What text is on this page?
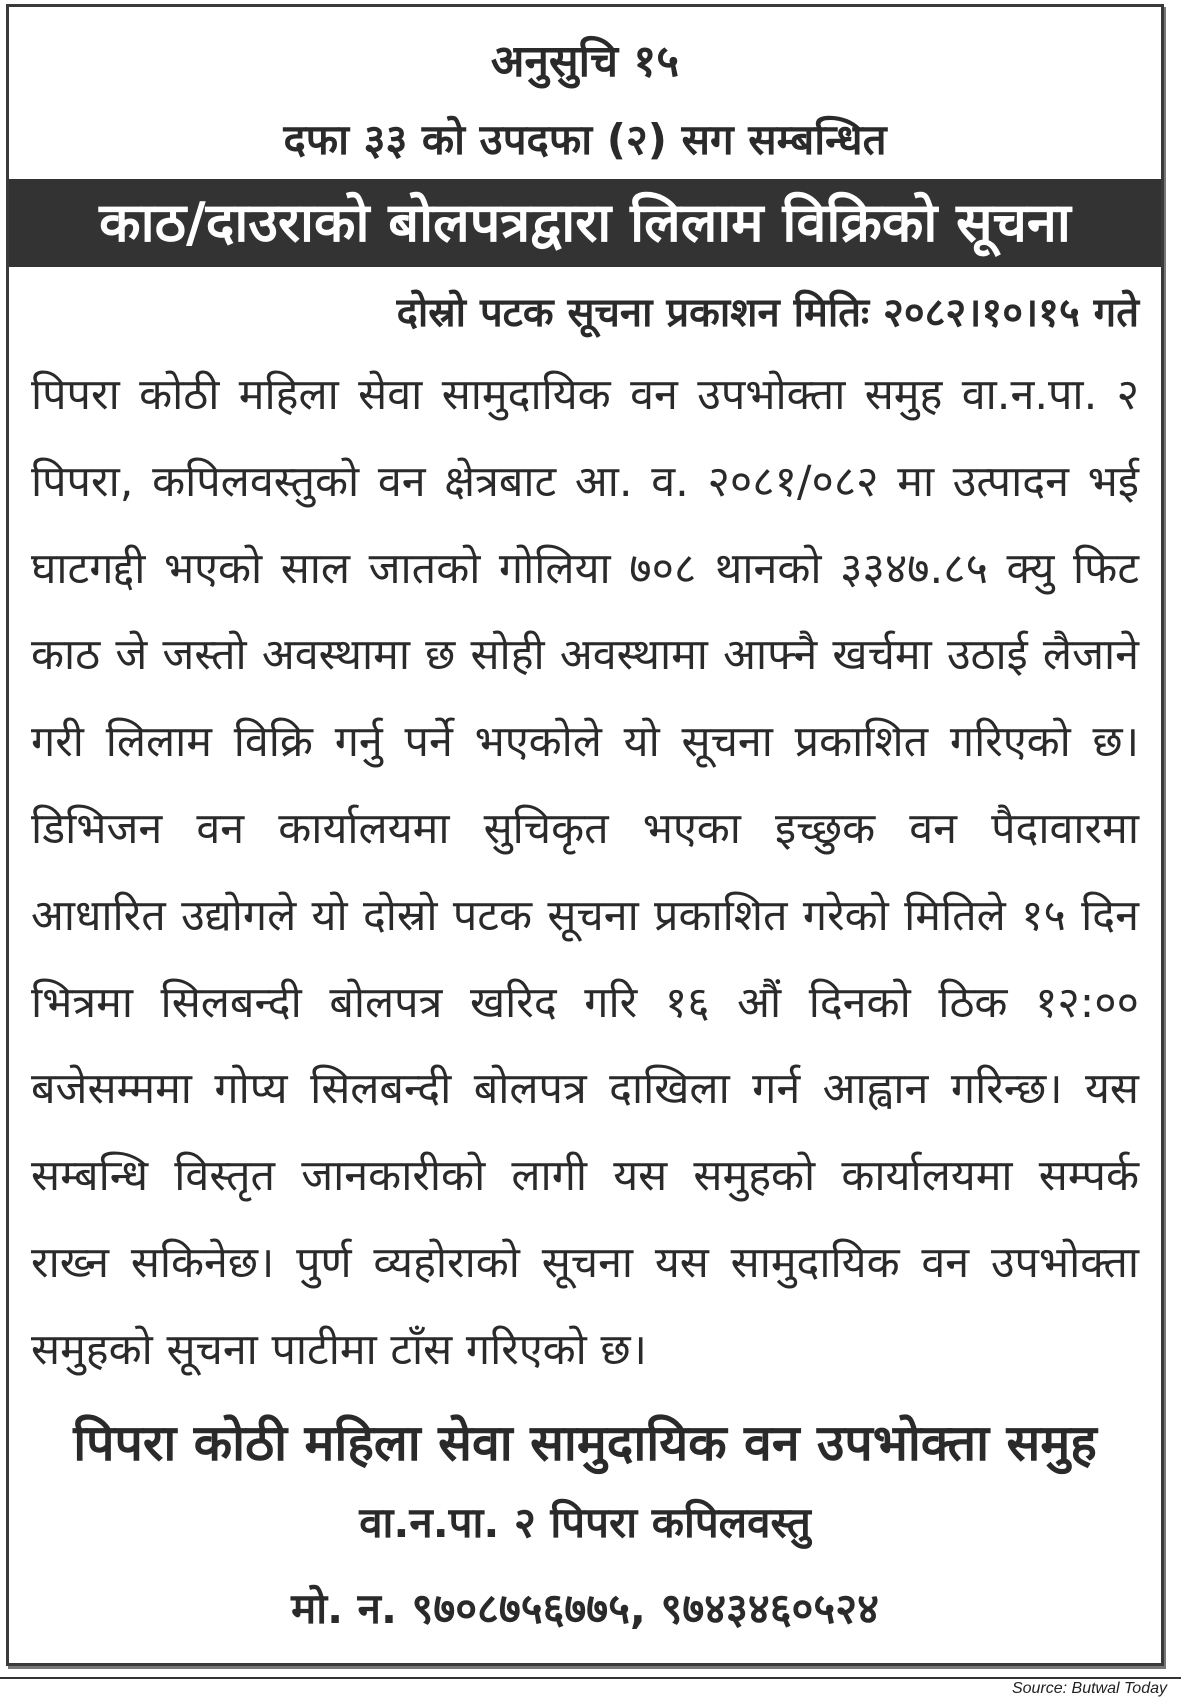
अनुसुचि १५
दफा ३३ को उपदफा (२) सग सम्बन्धित
काठ/दाउराको बोलपत्रद्वारा लिलाम विक्रिको सूचना
दोस्रो पटक सूचना प्रकाशन मितिः २०८२।१०।१५ गते
पिपरा कोठी महिला सेवा सामुदायिक वन उपभोक्ता समुह वा.न.पा. २
पिपरा, कपिलवस्तुको वन क्षेत्रबाट आ. व. २०८१/०८२ मा उत्पादन भई
घाटगद्दी भएको साल जातको गोलिया ७०८ थानको ३३४७.८५ क्यु फिट
काठ जे जस्तो अवस्थामा छ सोही अवस्थामा आफ्नै खर्चमा उठाई लैजाने
गरी लिलाम विक्रि गर्नु पर्ने भएकोले यो सूचना प्रकाशित गरिएको छ।
डिभिजन वन कार्यालयमा सुचिकृत भएका इच्छुक वन पैदावारमा
आधारित उद्योगले यो दोस्रो पटक सूचना प्रकाशित गरेको मितिले १५ दिन
भित्रमा सिलबन्दी बोलपत्र खरिद गरि १६ औं दिनको ठिक १२:००
बजेसम्ममा गोप्य सिलबन्दी बोलपत्र दाखिला गर्न आह्वान गरिन्छ। यस
सम्बन्धि विस्तृत जानकारीको लागी यस समुहको कार्यालयमा सम्पर्क
राख्न सकिनेछ। पुर्ण व्यहोराको सूचना यस सामुदायिक वन उपभोक्ता
समुहको सूचना पाटीमा टाँस गरिएको छ।
पिपरा कोठी महिला सेवा सामुदायिक वन उपभोक्ता समुह
वा.न.पा. २ पिपरा कपिलवस्तु
मो. न. ९७०८७५६७७५, ९७४३४६०५२४
Source: Butwal Today
